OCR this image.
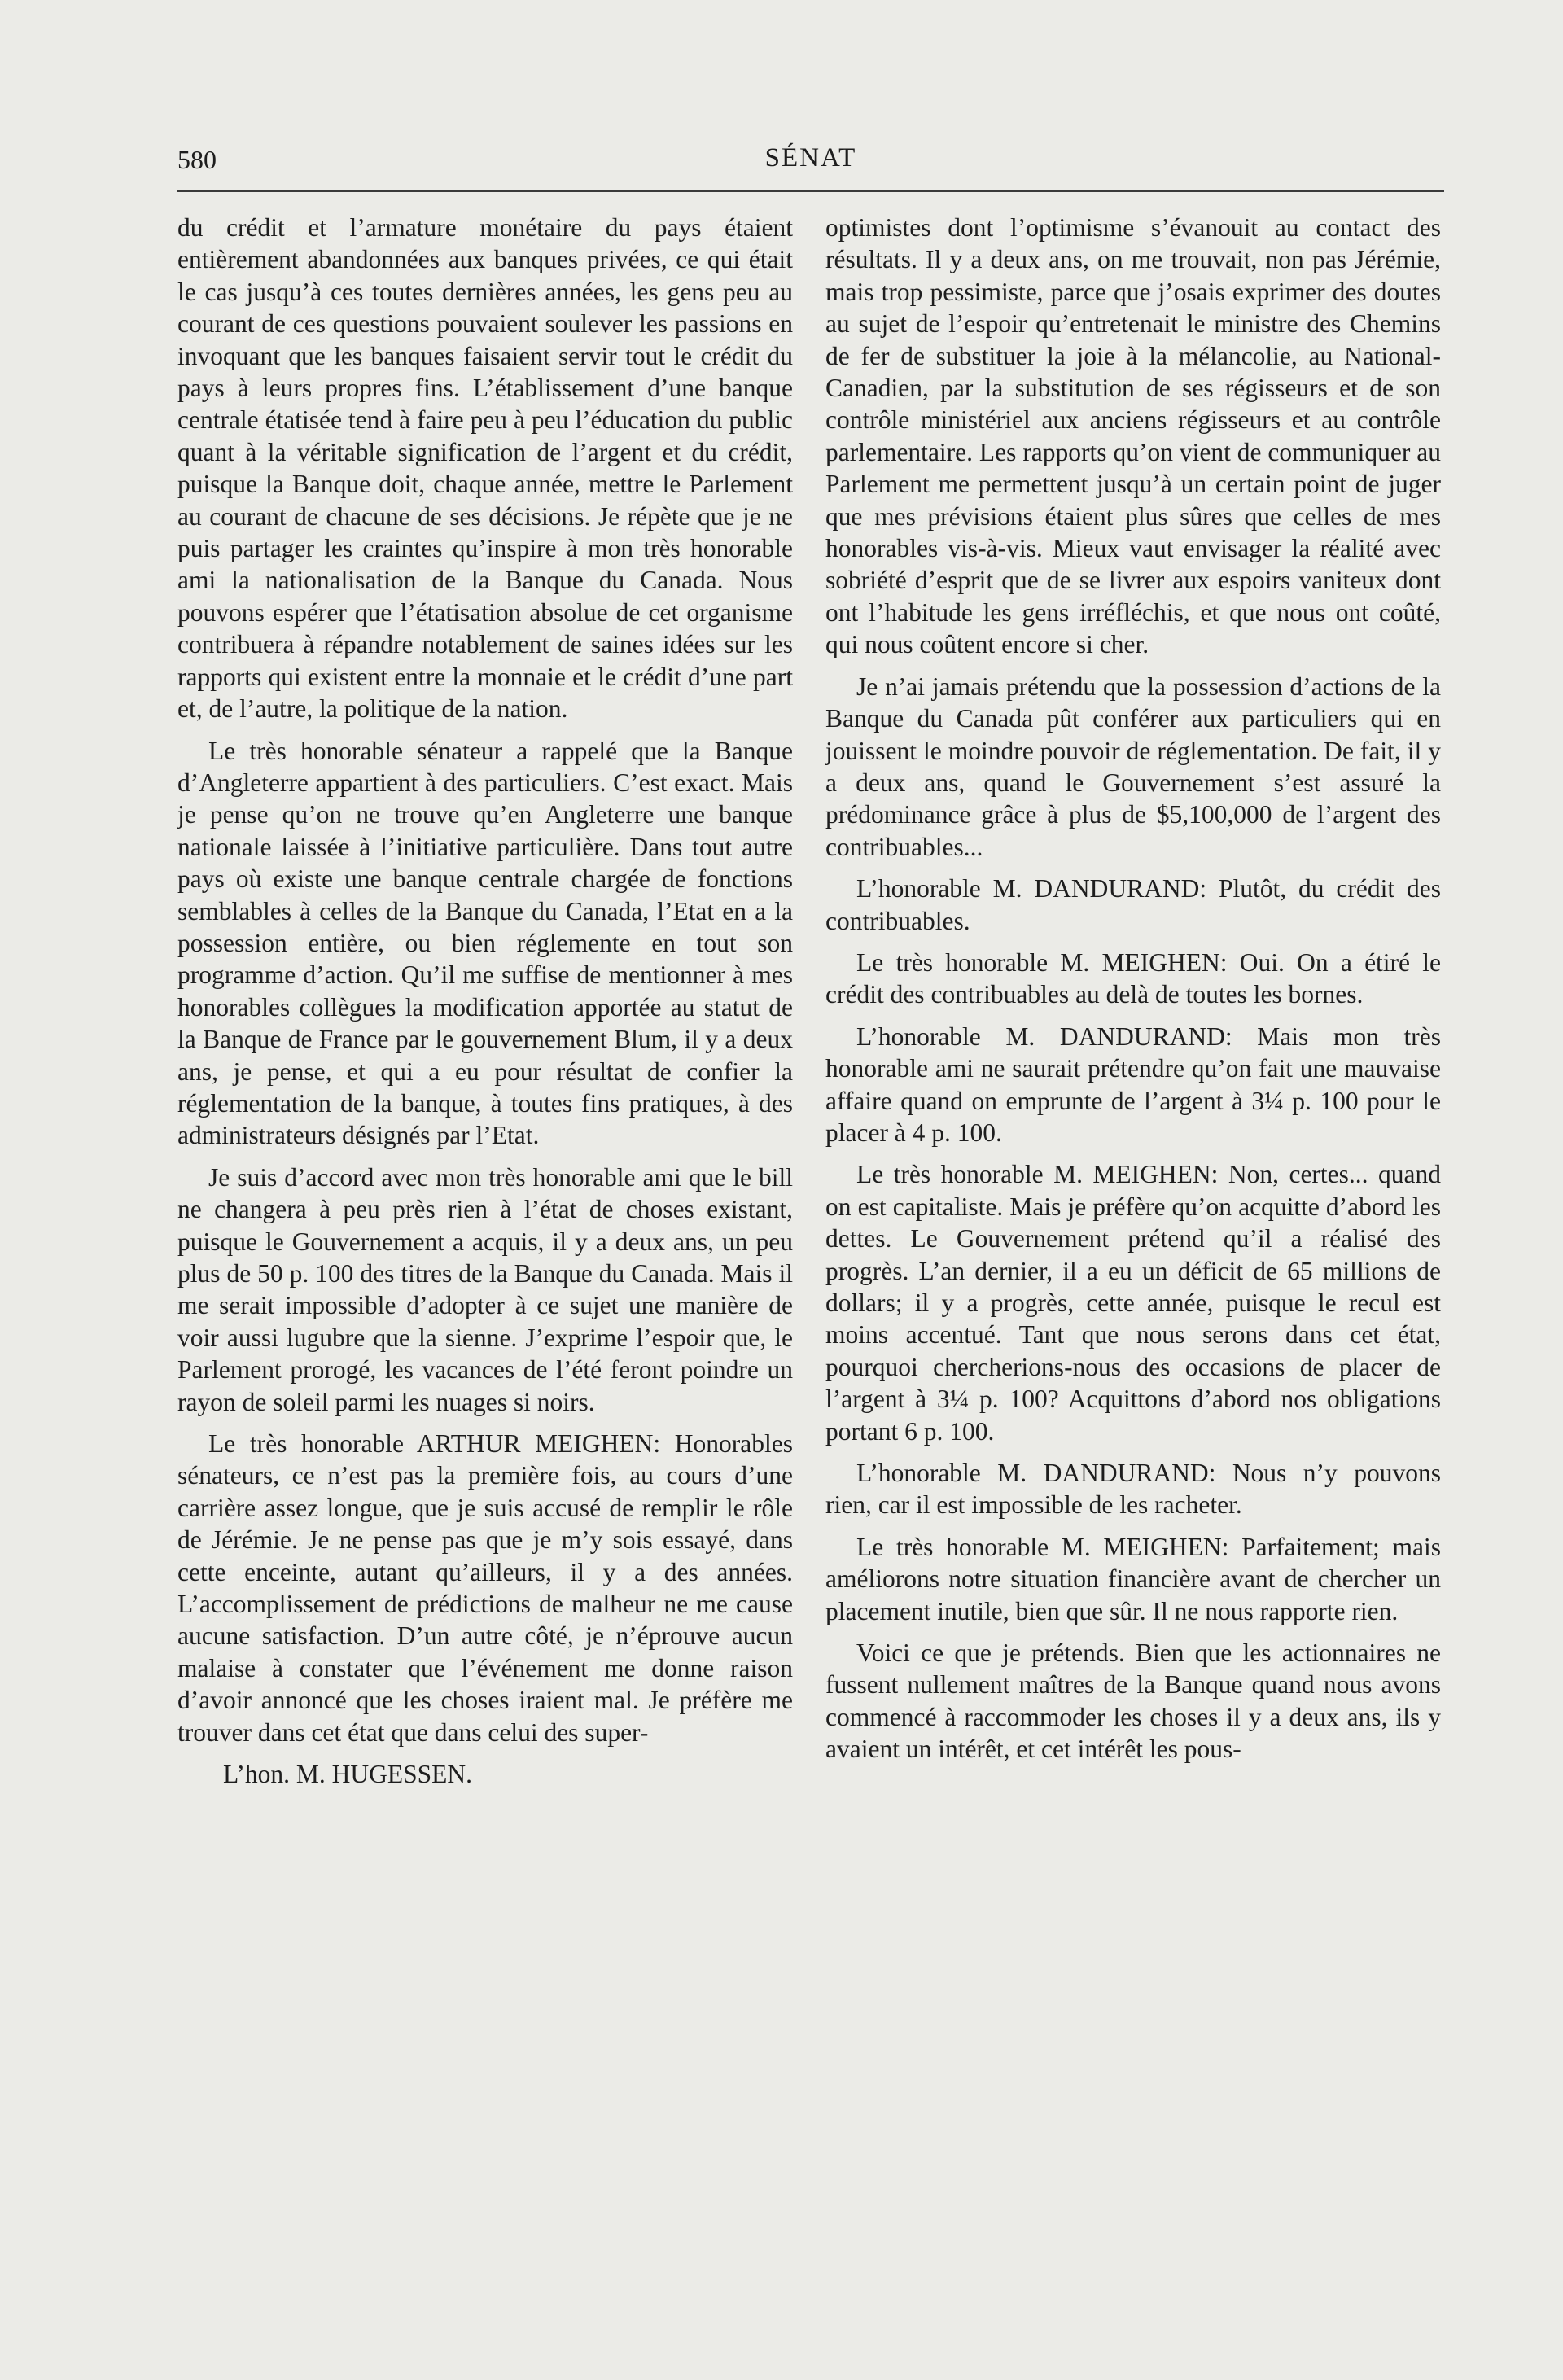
580	SÉNAT

du crédit et l’armature monétaire du pays étaient entièrement abandonnées aux banques privées, ce qui était le cas jusqu’à ces toutes dernières années, les gens peu au courant de ces questions pouvaient soulever les passions en invoquant que les banques faisaient servir tout le crédit du pays à leurs propres fins. L’établissement d’une banque centrale étatisée tend à faire peu à peu l’éducation du public quant à la véritable signification de l’argent et du crédit, puisque la Banque doit, chaque année, mettre le Parlement au courant de chacune de ses décisions. Je répète que je ne puis partager les craintes qu’inspire à mon très honorable ami la nationalisation de la Banque du Canada. Nous pouvons espérer que l’étatisation absolue de cet organisme contribuera à répandre notablement de saines idées sur les rapports qui existent entre la monnaie et le crédit d’une part et, de l’autre, la politique de la nation.

Le très honorable sénateur a rappelé que la Banque d’Angleterre appartient à des particuliers. C’est exact. Mais je pense qu’on ne trouve qu’en Angleterre une banque nationale laissée à l’initiative particulière. Dans tout autre pays où existe une banque centrale chargée de fonctions semblables à celles de la Banque du Canada, l’Etat en a la possession entière, ou bien réglemente en tout son programme d’action. Qu’il me suffise de mentionner à mes honorables collègues la modification apportée au statut de la Banque de France par le gouvernement Blum, il y a deux ans, je pense, et qui a eu pour résultat de confier la réglementation de la banque, à toutes fins pratiques, à des administrateurs désignés par l’Etat.

Je suis d’accord avec mon très honorable ami que le bill ne changera à peu près rien à l’état de choses existant, puisque le Gouvernement a acquis, il y a deux ans, un peu plus de 50 p. 100 des titres de la Banque du Canada. Mais il me serait impossible d’adopter à ce sujet une manière de voir aussi lugubre que la sienne. J’exprime l’espoir que, le Parlement prorogé, les vacances de l’été feront poindre un rayon de soleil parmi les nuages si noirs.

Le très honorable ARTHUR MEIGHEN: Honorables sénateurs, ce n’est pas la première fois, au cours d’une carrière assez longue, que je suis accusé de remplir le rôle de Jérémie. Je ne pense pas que je m’y sois essayé, dans cette enceinte, autant qu’ailleurs, il y a des années. L’accomplissement de prédictions de malheur ne me cause aucune satisfaction. D’un autre côté, je n’éprouve aucun malaise à constater que l’événement me donne raison d’avoir annoncé que les choses iraient mal. Je préfère me trouver dans cet état que dans celui des super-

L’hon. M. HUGESSEN.

optimistes dont l’optimisme s’évanouit au contact des résultats. Il y a deux ans, on me trouvait, non pas Jérémie, mais trop pessimiste, parce que j’osais exprimer des doutes au sujet de l’espoir qu’entretenait le ministre des Chemins de fer de substituer la joie à la mélancolie, au National-Canadien, par la substitution de ses régisseurs et de son contrôle ministériel aux anciens régisseurs et au contrôle parlementaire. Les rapports qu’on vient de communiquer au Parlement me permettent jusqu’à un certain point de juger que mes prévisions étaient plus sûres que celles de mes honorables vis-à-vis. Mieux vaut envisager la réalité avec sobriété d’esprit que de se livrer aux espoirs vaniteux dont ont l’habitude les gens irréfléchis, et que nous ont coûté, qui nous coûtent encore si cher.

Je n’ai jamais prétendu que la possession d’actions de la Banque du Canada pût conférer aux particuliers qui en jouissent le moindre pouvoir de réglementation. De fait, il y a deux ans, quand le Gouvernement s’est assuré la prédominance grâce à plus de $5,100,000 de l’argent des contribuables...

L’honorable M. DANDURAND: Plutôt, du crédit des contribuables.

Le très honorable M. MEIGHEN: Oui. On a étiré le crédit des contribuables au delà de toutes les bornes.

L’honorable M. DANDURAND: Mais mon très honorable ami ne saurait prétendre qu’on fait une mauvaise affaire quand on emprunte de l’argent à 3¼ p. 100 pour le placer à 4 p. 100.

Le très honorable M. MEIGHEN: Non, certes... quand on est capitaliste. Mais je préfère qu’on acquitte d’abord les dettes. Le Gouvernement prétend qu’il a réalisé des progrès. L’an dernier, il a eu un déficit de 65 millions de dollars; il y a progrès, cette année, puisque le recul est moins accentué. Tant que nous serons dans cet état, pourquoi chercherions-nous des occasions de placer de l’argent à 3¼ p. 100? Acquittons d’abord nos obligations portant 6 p. 100.

L’honorable M. DANDURAND: Nous n’y pouvons rien, car il est impossible de les racheter.

Le très honorable M. MEIGHEN: Parfaitement; mais améliorons notre situation financière avant de chercher un placement inutile, bien que sûr. Il ne nous rapporte rien.

Voici ce que je prétends. Bien que les actionnaires ne fussent nullement maîtres de la Banque quand nous avons commencé à raccommoder les choses il y a deux ans, ils y avaient un intérêt, et cet intérêt les pous-
